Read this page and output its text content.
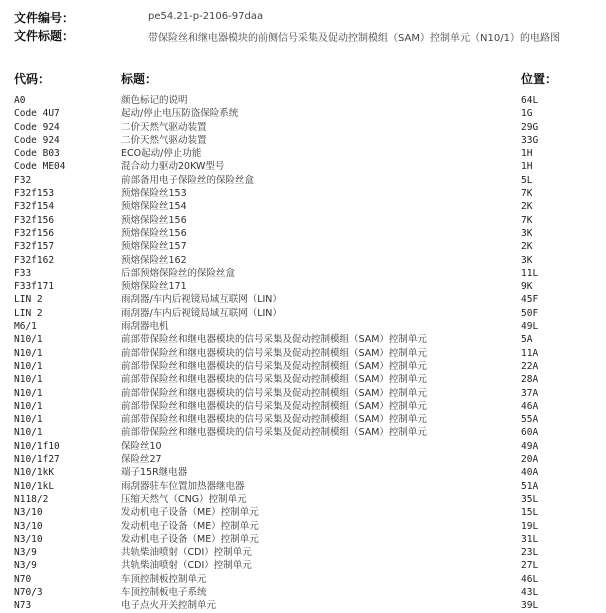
文件编号：	pe54.21-p-2106-97daa
文件标题：	带保险丝和继电器模块的前侧信号采集及促动控制模组（SAM）控制单元（N10/1）的电路图
代码：	标题：	位置：
A0	颜色标记的说明	64L
Code 4U7	起动/停止电压防盗保险系统	1G
Code 924	二价天然气驱动装置	29G
Code 924	二价天然气驱动装置	33G
Code B03	ECO起动/停止功能	1H
Code ME04	混合动力驱动20KW型号	1H
F32	前部备用电子保险丝的保险丝盒	5L
F32f153	预熔保险丝153	7K
F32f154	预熔保险丝154	2K
F32f156	预熔保险丝156	7K
F32f156	预熔保险丝156	3K
F32f157	预熔保险丝157	2K
F32f162	预熔保险丝162	3K
F33	后部预熔保险丝的保险丝盒	11L
F33f171	预熔保险丝171	9K
LIN 2	雨刮器/车内后视镜局域互联网（LIN）	45F
LIN 2	雨刮器/车内后视镜局域互联网（LIN）	50F
M6/1	雨刮器电机	49L
N10/1	前部带保险丝和继电器模块的信号采集及促动控制模组（SAM）控制单元	5A
N10/1	前部带保险丝和继电器模块的信号采集及促动控制模组（SAM）控制单元	11A
N10/1	前部带保险丝和继电器模块的信号采集及促动控制模组（SAM）控制单元	22A
N10/1	前部带保险丝和继电器模块的信号采集及促动控制模组（SAM）控制单元	28A
N10/1	前部带保险丝和继电器模块的信号采集及促动控制模组（SAM）控制单元	37A
N10/1	前部带保险丝和继电器模块的信号采集及促动控制模组（SAM）控制单元	46A
N10/1	前部带保险丝和继电器模块的信号采集及促动控制模组（SAM）控制单元	55A
N10/1	前部带保险丝和继电器模块的信号采集及促动控制模组（SAM）控制单元	60A
N10/1f10	保险丝10	49A
N10/1f27	保险丝27	20A
N10/1kK	端子15R继电器	40A
N10/1kL	雨刮器驻车位置加热器继电器	51A
N118/2	压缩天然气（CNG）控制单元	35L
N3/10	发动机电子设备（ME）控制单元	15L
N3/10	发动机电子设备（ME）控制单元	19L
N3/10	发动机电子设备（ME）控制单元	31L
N3/9	共轨柴油喷射（CDI）控制单元	23L
N3/9	共轨柴油喷射（CDI）控制单元	27L
N70	车顶控制板控制单元	46L
N70/3	车顶控制板电子系统	43L
N73	电子点火开关控制单元	39L
